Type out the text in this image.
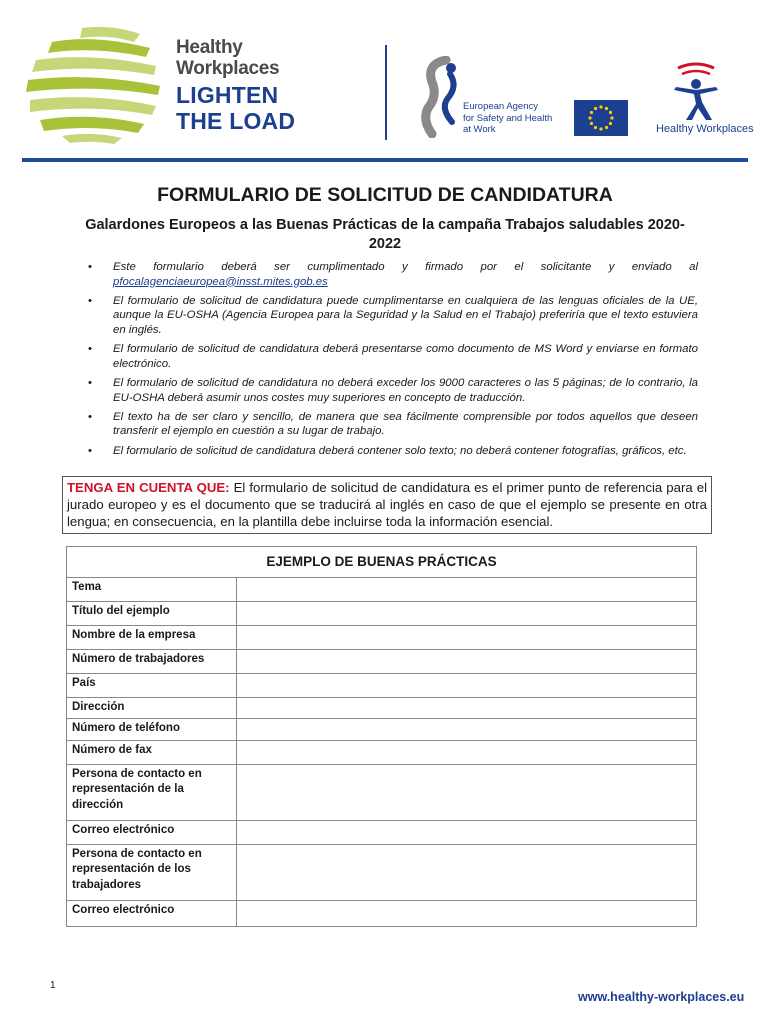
Healthy
Workplaces
LIGHTEN
THE LOAD
European Agency
for Safety and Health
at Work	Healthy Workplaces
FORMULARIO DE SOLICITUD DE CANDIDATURA
Galardones Europeos a las Buenas Prácticas de la campaña Trabajos saludables 2020-2022
• Este formulario deberá ser cumplimentado y firmado por el solicitante y enviado al
pfocalagenciaeuropea@insst.mites.gob.es
• El formulario de solicitud de candidatura puede cumplimentarse en cualquiera de las lenguas oficiales de la UE, aunque la EU-OSHA (Agencia Europea para la Seguridad y la Salud en el Trabajo) preferiría que el texto estuviera en inglés.
• El formulario de solicitud de candidatura deberá presentarse como documento de MS Word y enviarse en formato electrónico.
• El formulario de solicitud de candidatura no deberá exceder los 9000 caracteres o las 5 páginas; de lo contrario, la EU-OSHA deberá asumir unos costes muy superiores en concepto de traducción.
• El texto ha de ser claro y sencillo, de manera que sea fácilmente comprensible por todos aquellos que deseen transferir el ejemplo en cuestión a su lugar de trabajo.
• El formulario de solicitud de candidatura deberá contener solo texto; no deberá contener fotografías, gráficos, etc.
TENGA EN CUENTA QUE: El formulario de solicitud de candidatura es el primer punto de referencia para el jurado europeo y es el documento que se traducirá al inglés en caso de que el ejemplo se presente en otra lengua; en consecuencia, en la plantilla debe incluirse toda la información esencial.
EJEMPLO DE BUENAS PRÁCTICAS	
Tema	
Título del ejemplo	
Nombre de la empresa	
Número de trabajadores	
País	
Dirección	
Número de teléfono	
Número de fax	
Persona de contacto en representación de la dirección	
Correo electrónico	
Persona de contacto en representación de los trabajadores	
Correo electrónico	
1
www.healthy-workplaces.eu
